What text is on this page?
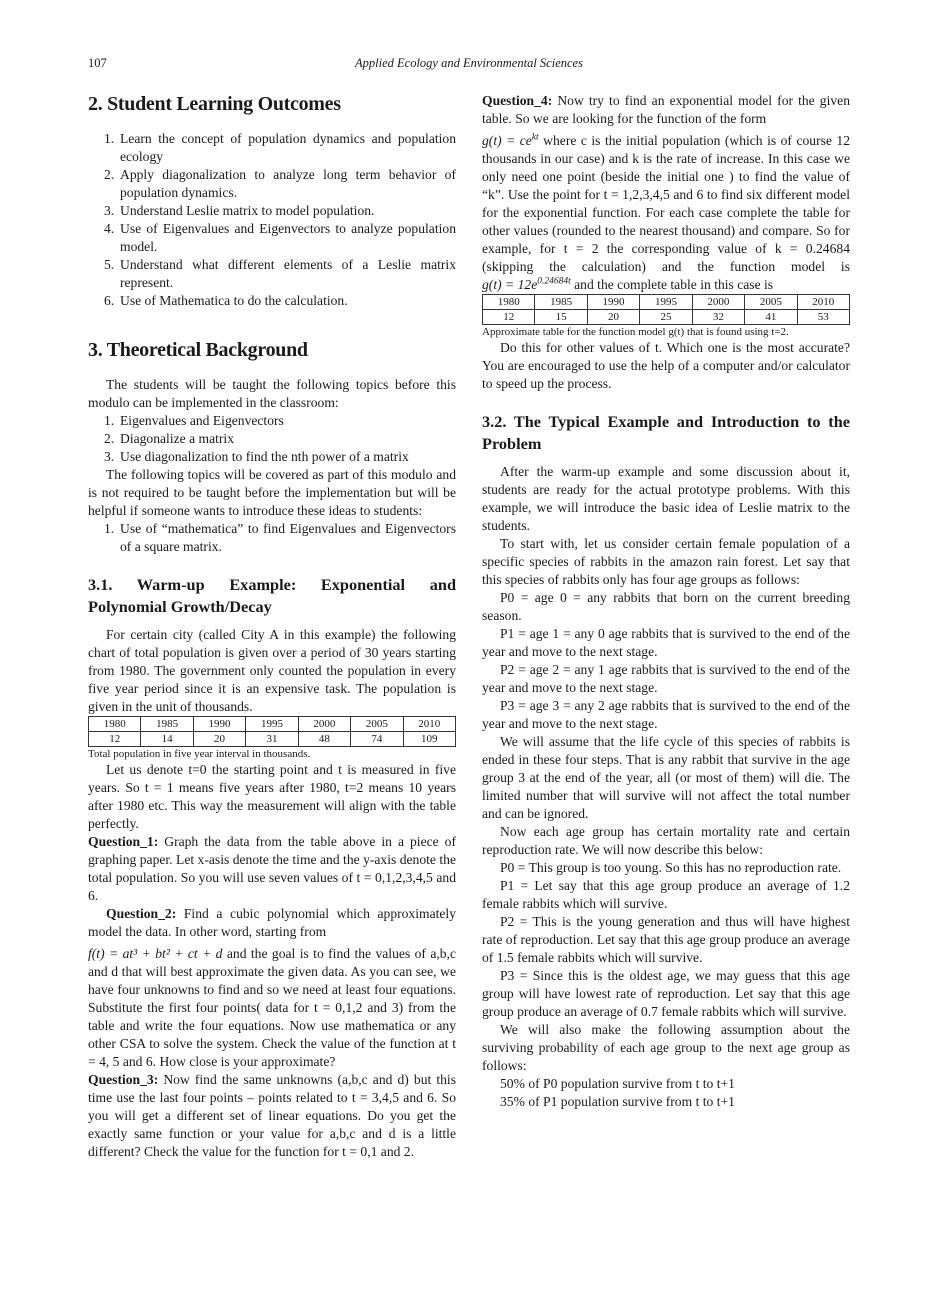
107	Applied Ecology and Environmental Sciences
2. Student Learning Outcomes
1. Learn the concept of population dynamics and population ecology
2. Apply diagonalization to analyze long term behavior of population dynamics.
3. Understand Leslie matrix to model population.
4. Use of Eigenvalues and Eigenvectors to analyze population model.
5. Understand what different elements of a Leslie matrix represent.
6. Use of Mathematica to do the calculation.
3. Theoretical Background

The students will be taught the following topics before this modulo can be implemented in the classroom:

1. Eigenvalues and Eigenvectors
2. Diagonalize a matrix
3. Use diagonalization to find the nth power of a matrix

The following topics will be covered as part of this modulo and is not required to be taught before the implementation but will be helpful if someone wants to introduce these ideas to students:

1. Use of “mathematica” to find Eigenvalues and Eigenvectors of a square matrix.
3.1. Warm-up Example: Exponential and Polynomial Growth/Decay

For certain city (called City A in this example) the following chart of total population is given over a period of 30 years starting from 1980. The government only counted the population in every five year period since it is an expensive task. The population is given in the unit of thousands.

1980	1985	1990	1995	2000	2005	2010
12	14	20	31	48	74	109
Total population in five year interval in thousands.

Let us denote t=0 the starting point and t is measured in five years. So t = 1 means five years after 1980, t=2 means 10 years after 1980 etc. This way the measurement will align with the table perfectly.

Question_1: Graph the data from the table above in a piece of graphing paper. Let x-asis denote the time and the y-axis denote the total population. So you will use seven values of t = 0,1,2,3,4,5 and 6.

Question_2: Find a cubic polynomial which approximately model the data. In other word, starting from

f(t) = at³ + bt² + ct + d and the goal is to find the values of a,b,c and d that will best approximate the given data. As you can see, we have four unknowns to find and so we need at least four equations. Substitute the first four points( data for t = 0,1,2 and 3) from the table and write the four equations. Now use mathematica or any other CSA to solve the system. Check the value of the function at t = 4, 5 and 6. How close is your approximate?

Question_3: Now find the same unknowns (a,b,c and d) but this time use the last four points – points related to t = 3,4,5 and 6. So you will get a different set of linear equations. Do you get the exactly same function or your value for a,b,c and d is a little different? Check the value for the function for t = 0,1 and 2.

Question_4: Now try to find an exponential model for the given table. So we are looking for the function of the form

$g(t) = ce^{kt}$ where c is the initial population (which is of course 12 thousands in our case) and k is the rate of increase. In this case we only need one point (beside the initial one ) to find the value of “k”. Use the point for t = 1,2,3,4,5 and 6 to find six different model for the exponential function. For each case complete the table for other values (rounded to the nearest thousand) and compare. So for example, for t = 2 the corresponding value of k = 0.24684 (skipping the calculation) and the function model is $g(t) = 12e^{0.24684t}$ and the complete table in this case is

1980	1985	1990	1995	2000	2005	2010
12	15	20	25	32	41	53
Approximate table for the function model g(t) that is found using t=2.

Do this for other values of t. Which one is the most accurate? You are encouraged to use the help of a computer and/or calculator to speed up the process.

3.2. The Typical Example and Introduction to the Problem

After the warm-up example and some discussion about it, students are ready for the actual prototype problems. With this example, we will introduce the basic idea of Leslie matrix to the students.

To start with, let us consider certain female population of a specific species of rabbits in the amazon rain forest. Let say that this species of rabbits only has four age groups as follows:

P0 = age 0 = any rabbits that born on the current breeding season.

P1 = age 1 = any 0 age rabbits that is survived to the end of the year and move to the next stage.

P2 = age 2 = any 1 age rabbits that is survived to the end of the year and move to the next stage.

P3 = age 3 = any 2 age rabbits that is survived to the end of the year and move to the next stage.

We will assume that the life cycle of this species of rabbits is ended in these four steps. That is any rabbit that survive in the age group 3 at the end of the year, all (or most of them) will die. The limited number that will survive will not affect the total number and can be ignored.

Now each age group has certain mortality rate and certain reproduction rate. We will now describe this below:

P0 = This group is too young. So this has no reproduction rate.

P1 = Let say that this age group produce an average of 1.2 female rabbits which will survive.

P2 = This is the young generation and thus will have highest rate of reproduction. Let say that this age group produce an average of 1.5 female rabbits which will survive.

P3 = Since this is the oldest age, we may guess that this age group will have lowest rate of reproduction. Let say that this age group produce an average of 0.7 female rabbits which will survive.

We will also make the following assumption about the surviving probability of each age group to the next age group as follows:

50% of P0 population survive from t to t+1

35% of P1 population survive from t to t+1
